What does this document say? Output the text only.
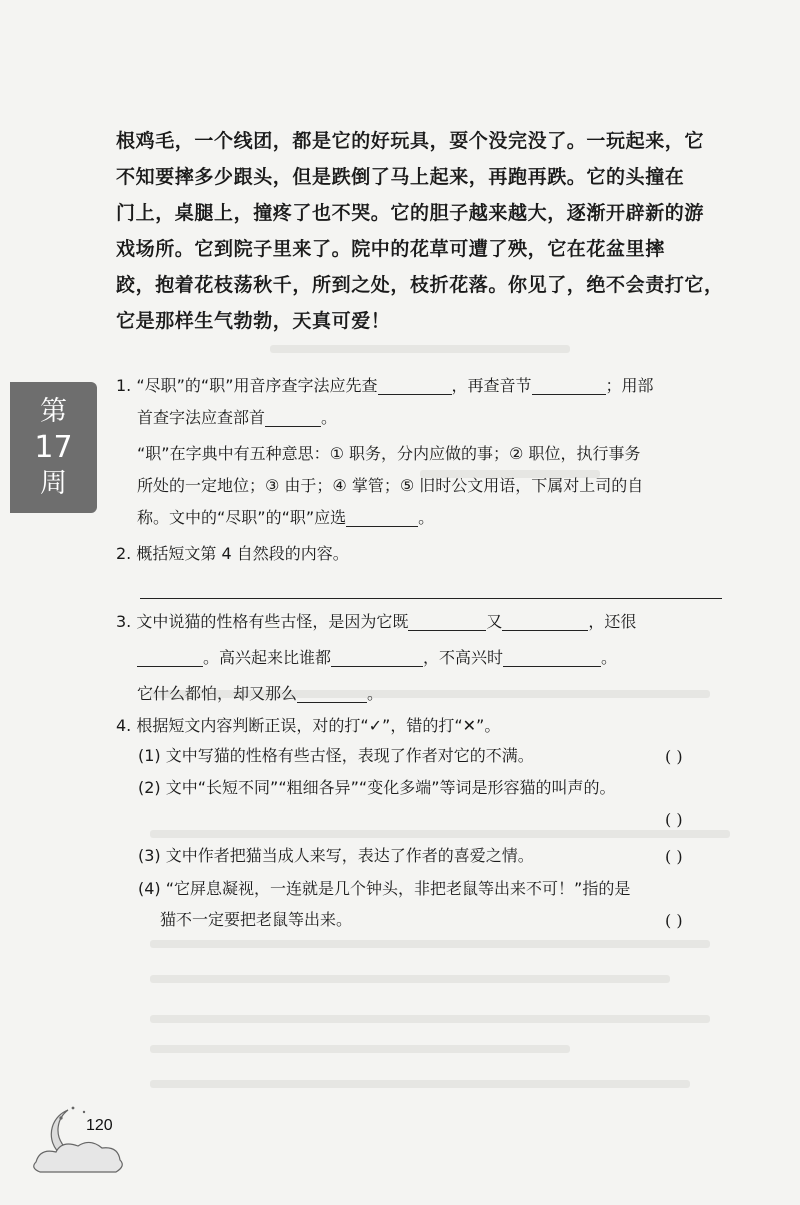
根鸡毛，一个线团，都是它的好玩具，耍个没完没了。一玩起来，它

不知要摔多少跟头，但是跌倒了马上起来，再跑再跌。它的头撞在

门上，桌腿上，撞疼了也不哭。它的胆子越来越大，逐渐开辟新的游

戏场所。它到院子里来了。院中的花草可遭了殃，它在花盆里摔

跤，抱着花枝荡秋千，所到之处，枝折花落。你见了，绝不会责打它，

它是那样生气勃勃，天真可爱！

第
17
周
1. “尽职”的“职”用音序查字法应先查	，再查音节	；用部
首查字法应查部首	。
“职”在字典中有五种意思：① 职务，分内应做的事；② 职位，执行事务
所处的一定地位；③ 由于；④ 掌管；⑤ 旧时公文用语，下属对上司的自
称。文中的“尽职”的“职”应选	。
2. 概括短文第 4 自然段的内容。
3. 文中说猫的性格有些古怪，是因为它既	又	，还很
。高兴起来比谁都	，不高兴时	。
它什么都怕，却又那么	。
4. 根据短文内容判断正误，对的打“✓”，错的打“✕”。
(1) 文中写猫的性格有些古怪，表现了作者对它的不满。	( )
(2) 文中“长短不同”“粗细各异”“变化多端”等词是形容猫的叫声的。
( )
(3) 文中作者把猫当成人来写，表达了作者的喜爱之情。	( )
(4) “它屏息凝视，一连就是几个钟头，非把老鼠等出来不可！”指的是
猫不一定要把老鼠等出来。	( )
120
